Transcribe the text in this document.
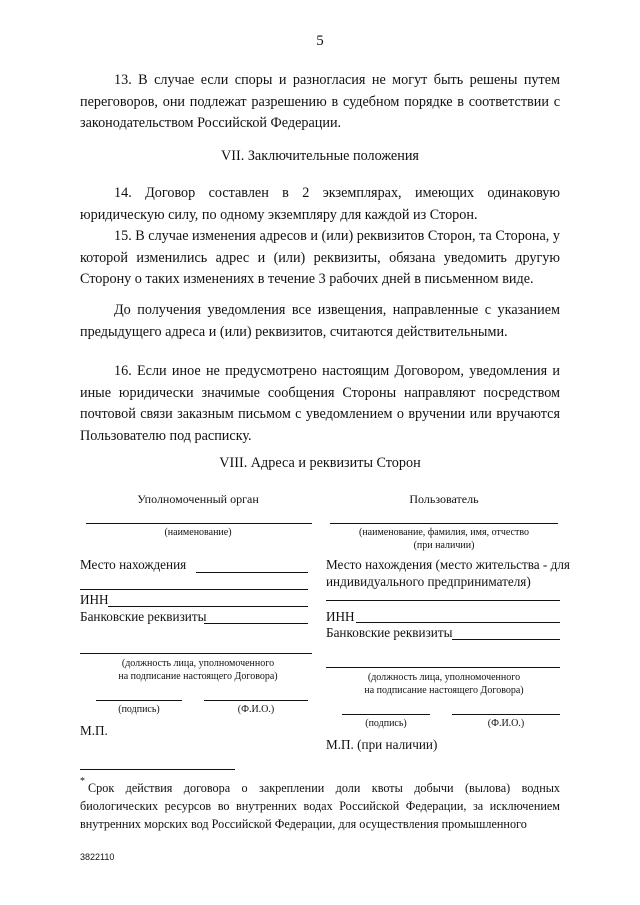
5
13. В случае если споры и разногласия не могут быть решены путем переговоров, они подлежат разрешению в судебном порядке в соответствии с законодательством Российской Федерации.
VII. Заключительные положения
14. Договор составлен в 2 экземплярах, имеющих одинаковую юридическую силу, по одному экземпляру для каждой из Сторон.
15. В случае изменения адресов и (или) реквизитов Сторон, та Сторона, у которой изменились адрес и (или) реквизиты, обязана уведомить другую Сторону о таких изменениях в течение 3 рабочих дней в письменном виде.
До получения уведомления все извещения, направленные с указанием предыдущего адреса и (или) реквизитов, считаются действительными.
16. Если иное не предусмотрено настоящим Договором, уведомления и иные юридически значимые сообщения Стороны направляют посредством почтовой связи заказным письмом с уведомлением о вручении или вручаются Пользователю под расписку.
VIII. Адреса и реквизиты Сторон
Уполномоченный орган
(наименование)
Место нахождения
ИНН
Банковские реквизиты
(должность лица, уполномоченного
на подписание настоящего Договора)
(подпись)	(Ф.И.О.)
М.П.
Пользователь
(наименование, фамилия, имя, отчество
(при наличии)
Место нахождения (место жительства - для
индивидуального предпринимателя)
ИНН
Банковские реквизиты
(должность лица, уполномоченного
на подписание настоящего Договора)
(подпись)	(Ф.И.О.)
М.П. (при наличии)
* Срок действия договора о закреплении доли квоты добычи (вылова) водных биологических ресурсов во внутренних водах Российской Федерации, за исключением внутренних морских вод Российской Федерации, для осуществления промышленного
3822110
